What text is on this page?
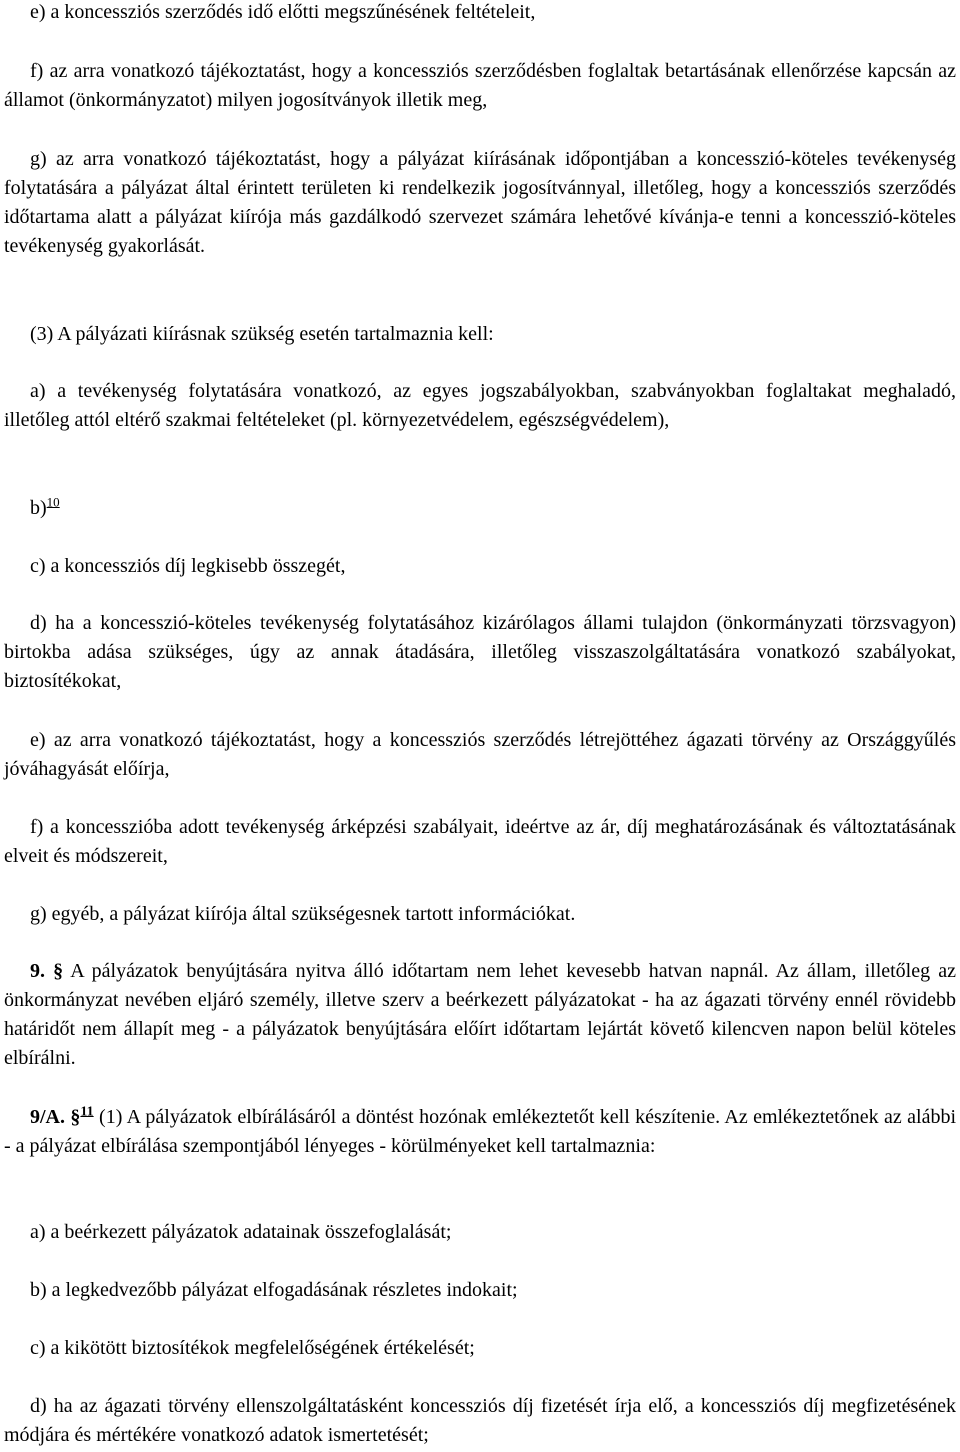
e) a koncessziós szerződés idő előtti megszűnésének feltételeit,

f) az arra vonatkozó tájékoztatást, hogy a koncessziós szerződésben foglaltak betartásának ellenőrzése kapcsán az államot (önkormányzatot) milyen jogosítványok illetik meg,

g) az arra vonatkozó tájékoztatást, hogy a pályázat kiírásának időpontjában a koncesszió-köteles tevékenység folytatására a pályázat által érintett területen ki rendelkezik jogosítvánnyal, illetőleg, hogy a koncessziós szerződés időtartama alatt a pályázat kiírója más gazdálkodó szervezet számára lehetővé kívánja-e tenni a koncesszió-köteles tevékenység gyakorlását.

(3) A pályázati kiírásnak szükség esetén tartalmaznia kell:

a) a tevékenység folytatására vonatkozó, az egyes jogszabályokban, szabványokban foglaltakat meghaladó, illetőleg attól eltérő szakmai feltételeket (pl. környezetvédelem, egészségvédelem),

b)$^{10}$

c) a koncessziós díj legkisebb összegét,

d) ha a koncesszió-köteles tevékenység folytatásához kizárólagos állami tulajdon (önkormányzati törzsvagyon) birtokba adása szükséges, úgy az annak átadására, illetőleg visszaszolgáltatására vonatkozó szabályokat, biztosítékokat,

e) az arra vonatkozó tájékoztatást, hogy a koncessziós szerződés létrejöttéhez ágazati törvény az Országgyűlés jóváhagyását előírja,

f) a koncesszióba adott tevékenység árképzési szabályait, ideértve az ár, díj meghatározásának és változtatásának elveit és módszereit,

g) egyéb, a pályázat kiírója által szükségesnek tartott információkat.

9. § A pályázatok benyújtására nyitva álló időtartam nem lehet kevesebb hatvan napnál. Az állam, illetőleg az önkormányzat nevében eljáró személy, illetve szerv a beérkezett pályázatokat - ha az ágazati törvény ennél rövidebb határidőt nem állapít meg - a pályázatok benyújtására előírt időtartam lejártát követő kilencven napon belül köteles elbírálni.

9/A. §$^{11}$ (1) A pályázatok elbírálásáról a döntést hozónak emlékeztetőt kell készítenie. Az emlékeztetőnek az alábbi - a pályázat elbírálása szempontjából lényeges - körülményeket kell tartalmaznia:

a) a beérkezett pályázatok adatainak összefoglalását;

b) a legkedvezőbb pályázat elfogadásának részletes indokait;

c) a kikötött biztosítékok megfelelőségének értékelését;

d) ha az ágazati törvény ellenszolgáltatásként koncessziós díj fizetését írja elő, a koncessziós díj megfizetésének módjára és mértékére vonatkozó adatok ismertetését;
